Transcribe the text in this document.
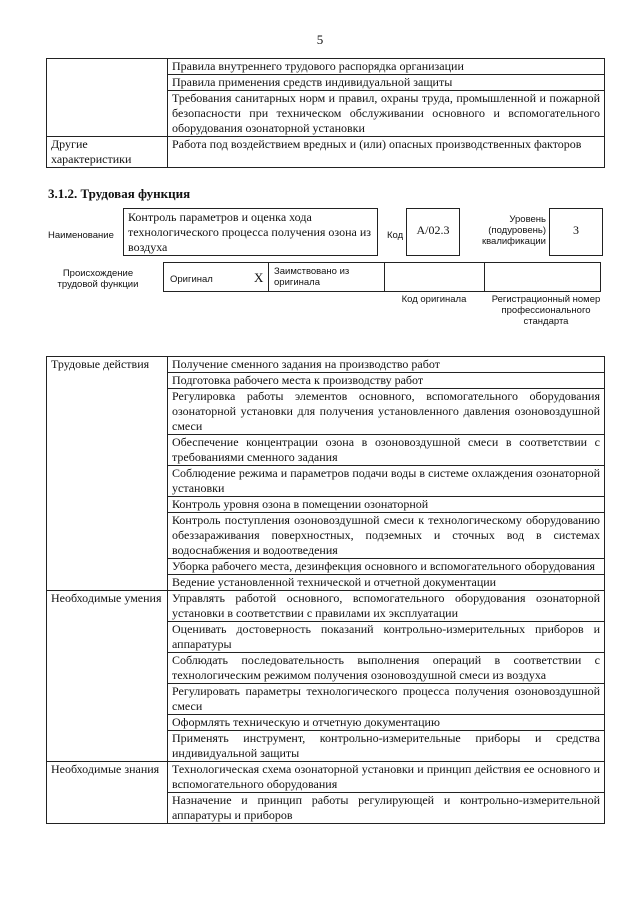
5
	Правила внутреннего трудового распорядка организации
	Правила применения средств индивидуальной защиты
	Требования санитарных норм и правил, охраны труда, промышленной и пожарной безопасности при техническом обслуживании основного и вспомогательного оборудования озонаторной установки
Другие характеристики	Работа под воздействием вредных и (или) опасных производственных факторов
3.1.2. Трудовая функция
Наименование
Контроль параметров и оценка хода технологического процесса получения озона из воздуха
Код	А/02.3
Уровень (подуровень) квалификации
3
Происхождение трудовой функции	Оригинал	X Заимствовано из оригинала
Код оригинала	Регистрационный номер профессионального стандарта
Трудовые действия	Получение сменного задания на производство работ
	Подготовка рабочего места к производству работ
	Регулировка работы элементов основного, вспомогательного оборудования озонаторной установки для получения установленного давления озоновоздушной смеси
	Обеспечение концентрации озона в озоновоздушной смеси в соответствии с требованиями сменного задания
	Соблюдение режима и параметров подачи воды в системе охлаждения озонаторной установки
	Контроль уровня озона в помещении озонаторной
	Контроль поступления озоновоздушной смеси к технологическому оборудованию обеззараживания поверхностных, подземных и сточных вод в системах водоснабжения и водоотведения
	Уборка рабочего места, дезинфекция основного и вспомогательного оборудования
	Ведение установленной технической и отчетной документации
Необходимые умения	Управлять работой основного, вспомогательного оборудования озонаторной установки в соответствии с правилами их эксплуатации
	Оценивать достоверность показаний контрольно-измерительных приборов и аппаратуры
	Соблюдать последовательность выполнения операций в соответствии с технологическим режимом получения озоновоздушной смеси из воздуха
	Регулировать параметры технологического процесса получения озоновоздушной смеси
	Оформлять техническую и отчетную документацию
	Применять инструмент, контрольно-измерительные приборы и средства индивидуальной защиты
Необходимые знания	Технологическая схема озонаторной установки и принцип действия ее основного и вспомогательного оборудования
	Назначение и принцип работы регулирующей и контрольно-измерительной аппаратуры и приборов
